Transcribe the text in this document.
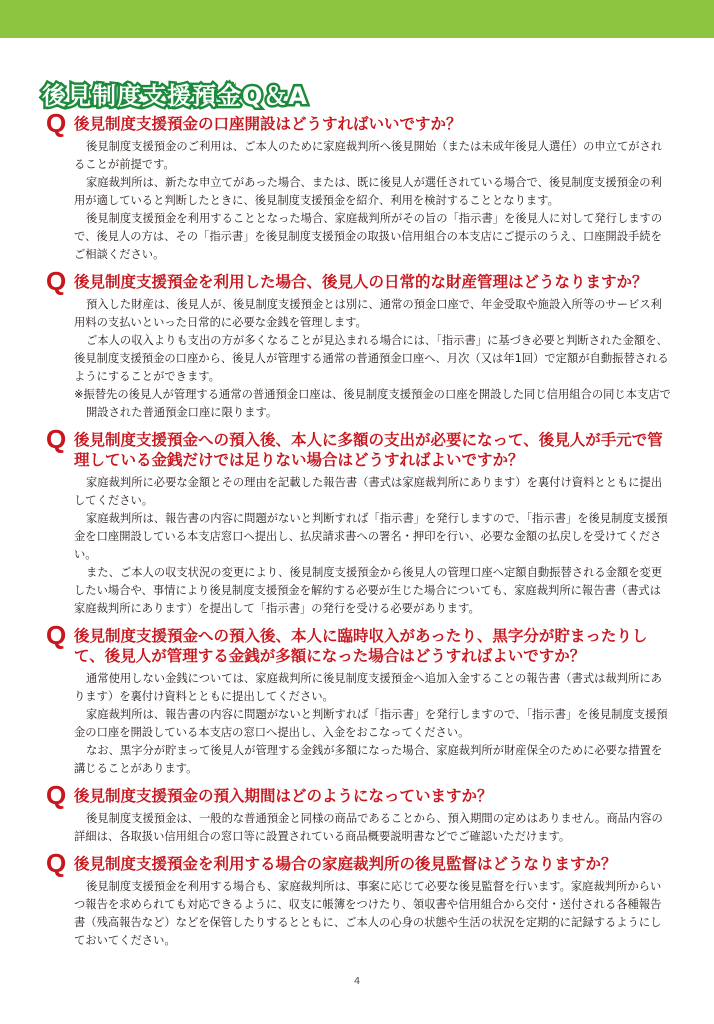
後見制度支援預金Q＆A
Q 後見制度支援預金の口座開設はどうすればいいですか？

後見制度支援預金のご利用は、ご本人のために家庭裁判所へ後見開始（または未成年後見人選任）の申立てがされることが前提です。

家庭裁判所は、新たな申立てがあった場合、または、既に後見人が選任されている場合で、後見制度支援預金の利用が適していると判断したときに、後見制度支援預金を紹介、利用を検討することとなります。

後見制度支援預金を利用することとなった場合、家庭裁判所がその旨の「指示書」を後見人に対して発行しますので、後見人の方は、その「指示書」を後見制度支援預金の取扱い信用組合の本支店にご提示のうえ、口座開設手続をご相談ください。

Q 後見制度支援預金を利用した場合、後見人の日常的な財産管理はどうなりますか？

預入した財産は、後見人が、後見制度支援預金とは別に、通常の預金口座で、年金受取や施設入所等のサービス利用料の支払いといった日常的に必要な金銭を管理します。

ご本人の収入よりも支出の方が多くなることが見込まれる場合には、「指示書」に基づき必要と判断された金額を、後見制度支援預金の口座から、後見人が管理する通常の普通預金口座へ、月次（又は年1回）で定額が自動振替されるようにすることができます。

※振替先の後見人が管理する通常の普通預金口座は、後見制度支援預金の口座を開設した同じ信用組合の同じ本支店で開設された普通預金口座に限ります。

Q 後見制度支援預金への預入後、本人に多額の支出が必要になって、後見人が手元で管理している金銭だけでは足りない場合はどうすればよいですか？

家庭裁判所に必要な金額とその理由を記載した報告書（書式は家庭裁判所にあります）を裏付け資料とともに提出してください。

家庭裁判所は、報告書の内容に問題がないと判断すれば「指示書」を発行しますので、「指示書」を後見制度支援預金を口座開設している本支店窓口へ提出し、払戻請求書への署名・押印を行い、必要な金額の払戻しを受けてください。

また、ご本人の収支状況の変更により、後見制度支援預金から後見人の管理口座へ定額自動振替される金額を変更したい場合や、事情により後見制度支援預金を解約する必要が生じた場合についても、家庭裁判所に報告書（書式は家庭裁判所にあります）を提出して「指示書」の発行を受ける必要があります。

Q 後見制度支援預金への預入後、本人に臨時収入があったり、黒字分が貯まったりして、後見人が管理する金銭が多額になった場合はどうすればよいですか？

通常使用しない金銭については、家庭裁判所に後見制度支援預金へ追加入金することの報告書（書式は裁判所にあります）を裏付け資料とともに提出してください。

家庭裁判所は、報告書の内容に問題がないと判断すれば「指示書」を発行しますので、「指示書」を後見制度支援預金の口座を開設している本支店の窓口へ提出し、入金をおこなってください。

なお、黒字分が貯まって後見人が管理する金銭が多額になった場合、家庭裁判所が財産保全のために必要な措置を講じることがあります。

Q 後見制度支援預金の預入期間はどのようになっていますか？

後見制度支援預金は、一般的な普通預金と同様の商品であることから、預入期間の定めはありません。商品内容の詳細は、各取扱い信用組合の窓口等に設置されている商品概要説明書などでご確認いただけます。

Q 後見制度支援預金を利用する場合の家庭裁判所の後見監督はどうなりますか？

後見制度支援預金を利用する場合も、家庭裁判所は、事案に応じて必要な後見監督を行います。家庭裁判所からいつ報告を求められても対応できるように、収支に帳簿をつけたり、領収書や信用組合から交付・送付される各種報告書（残高報告など）などを保管したりするとともに、ご本人の心身の状態や生活の状況を定期的に記録するようにしておいてください。

4
